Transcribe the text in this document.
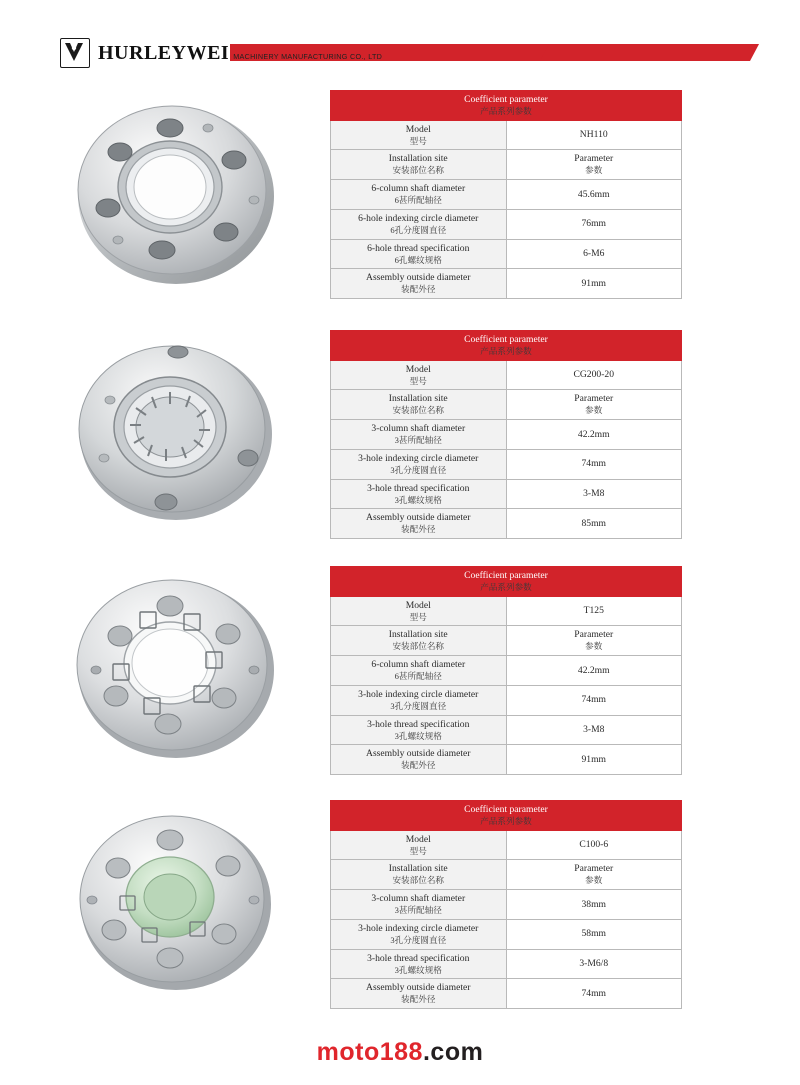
HURLEYWEI MACHINERY MANUFACTURING CO., LTD
Coefficient parameter
产品系列参数	

Model
型号	NH110

Installation site
安装部位名称	Parameter
参数

6-column shaft diameter
6甚所配轴径	45.6mm

6-hole indexing circle diameter
6孔分度圆直径	76mm

6-hole thread specification
6孔螺纹规格	6-M6

Assembly outside diameter
装配外径	91mm
Coefficient parameter
产品系列参数	

Model
型号	CG200-20

Installation site
安装部位名称	Parameter
参数

3-column shaft diameter
3甚所配轴径	42.2mm

3-hole indexing circle diameter
3孔分度圆直径	74mm

3-hole thread specification
3孔螺纹规格	3-M8

Assembly outside diameter
装配外径	85mm
Coefficient parameter
产品系列参数	

Model
型号	T125

Installation site
安装部位名称	Parameter
参数

6-column shaft diameter
6甚所配轴径	42.2mm

3-hole indexing circle diameter
3孔分度圆直径	74mm

3-hole thread specification
3孔螺纹规格	3-M8

Assembly outside diameter
装配外径	91mm
Coefficient parameter
产品系列参数	

Model
型号	C100-6

Installation site
安装部位名称	Parameter
参数

3-column shaft diameter
3甚所配轴径	38mm

3-hole indexing circle diameter
3孔分度圆直径	58mm

3-hole thread specification
3孔螺纹规格	3-M6/8

Assembly outside diameter
装配外径	74mm
moto188.com
